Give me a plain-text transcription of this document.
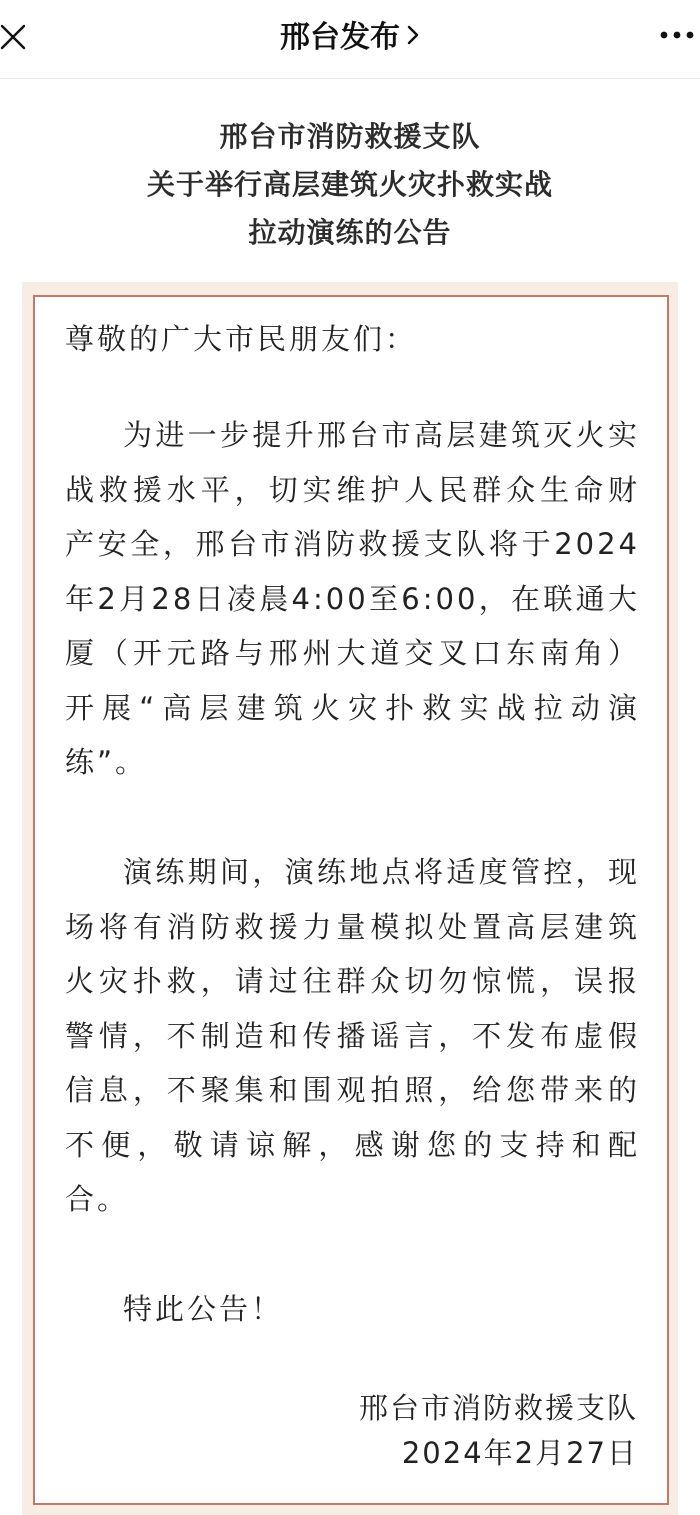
邢台发布
邢台市消防救援支队
关于举行高层建筑火灾扑救实战
拉动演练的公告
尊敬的广大市民朋友们：
为进一步提升邢台市高层建筑灭火实战救援水平，切实维护人民群众生命财产安全，邢台市消防救援支队将于2024年2月28日凌晨4:00至6:00，在联通大厦（开元路与邢州大道交叉口东南角）开展“高层建筑火灾扑救实战拉动演练”。
演练期间，演练地点将适度管控，现场将有消防救援力量模拟处置高层建筑火灾扑救，请过往群众切勿惊慌，误报警情，不制造和传播谣言，不发布虚假信息，不聚集和围观拍照，给您带来的不便，敬请谅解，感谢您的支持和配合。
特此公告！
邢台市消防救援支队
2024年2月27日
